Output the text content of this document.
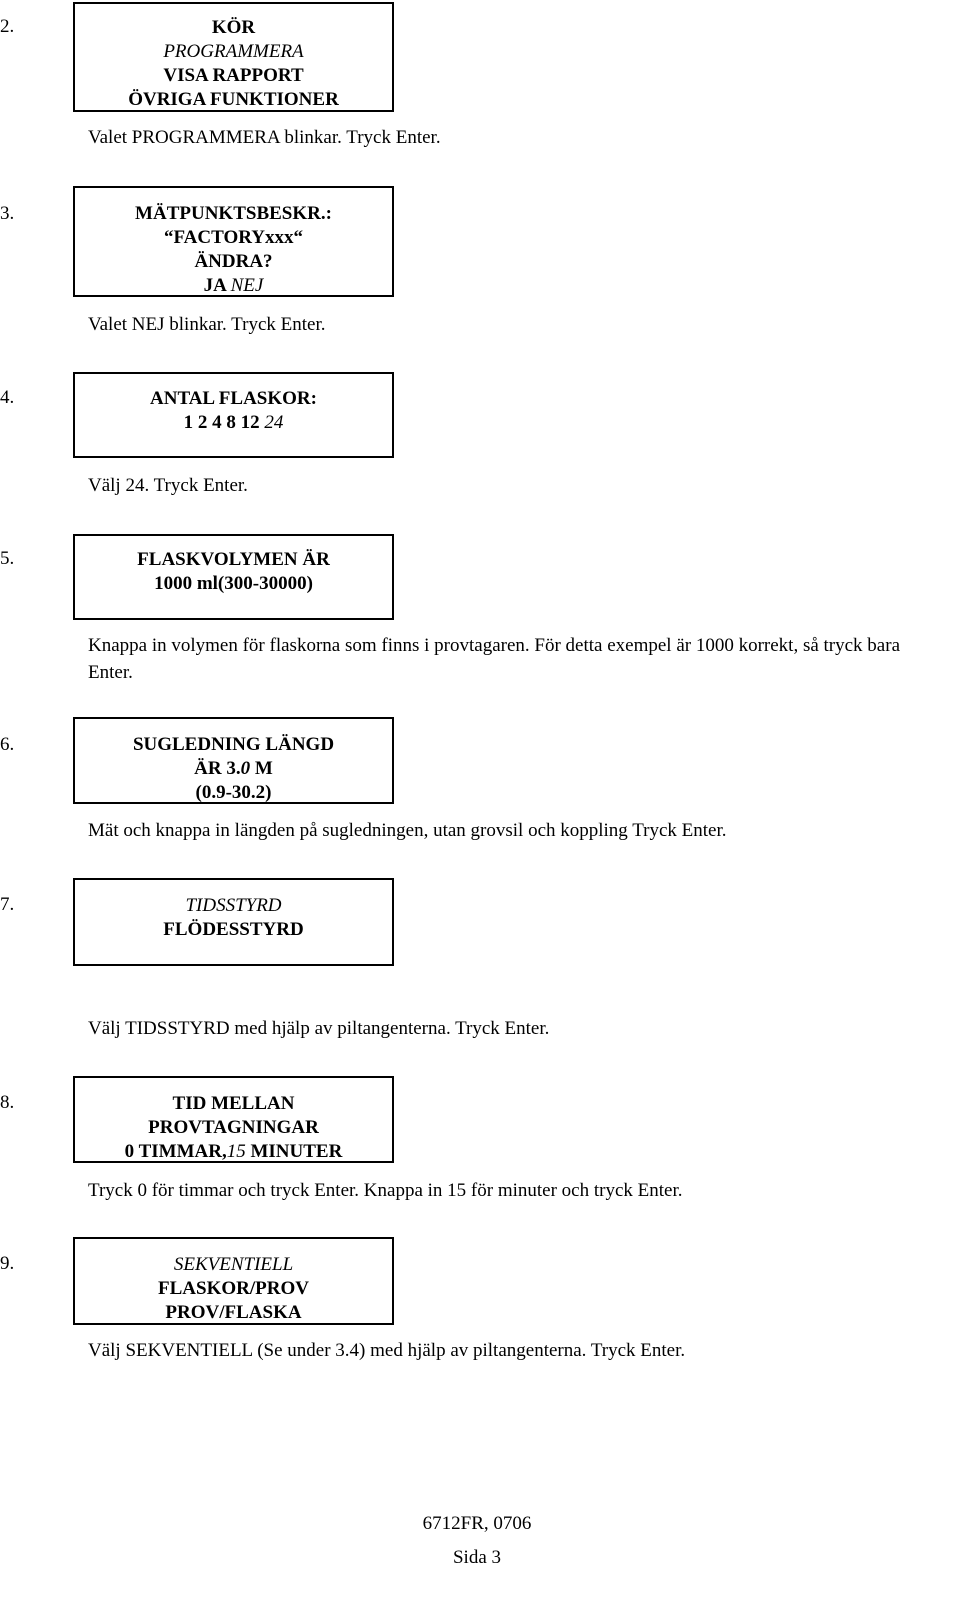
2.	KÖR
PROGRAMMERA
VISA RAPPORT
ÖVRIGA FUNKTIONER
Valet PROGRAMMERA blinkar. Tryck Enter.
3.	MÄTPUNKTSBESKR.:
“FACTORYxxx“
ÄNDRA?
JA NEJ
Valet NEJ blinkar. Tryck Enter.
4.	ANTAL FLASKOR:
1 2 4 8 12 24
Välj 24. Tryck Enter.
5.	FLASKVOLYMEN ÄR
1000 ml(300-30000)
Knappa in volymen för flaskorna som finns i provtagaren. För detta exempel är 1000 korrekt, så tryck bara Enter.
6.	SUGLEDNING LÄNGD
ÄR 3.0 M
(0.9-30.2)
Mät och knappa in längden på sugledningen, utan grovsil och koppling Tryck Enter.
7.	TIDSSTYRD
FLÖDESSTYRD
Välj TIDSSTYRD med hjälp av piltangenterna. Tryck Enter.
8.	TID MELLAN
PROVTAGNINGAR
0 TIMMAR,15 MINUTER
Tryck 0 för timmar och tryck Enter. Knappa in 15 för minuter och tryck Enter.
9.	SEKVENTIELL
FLASKOR/PROV
PROV/FLASKA
Välj SEKVENTIELL (Se under 3.4) med hjälp av piltangenterna. Tryck Enter.
6712FR, 0706
Sida 3
